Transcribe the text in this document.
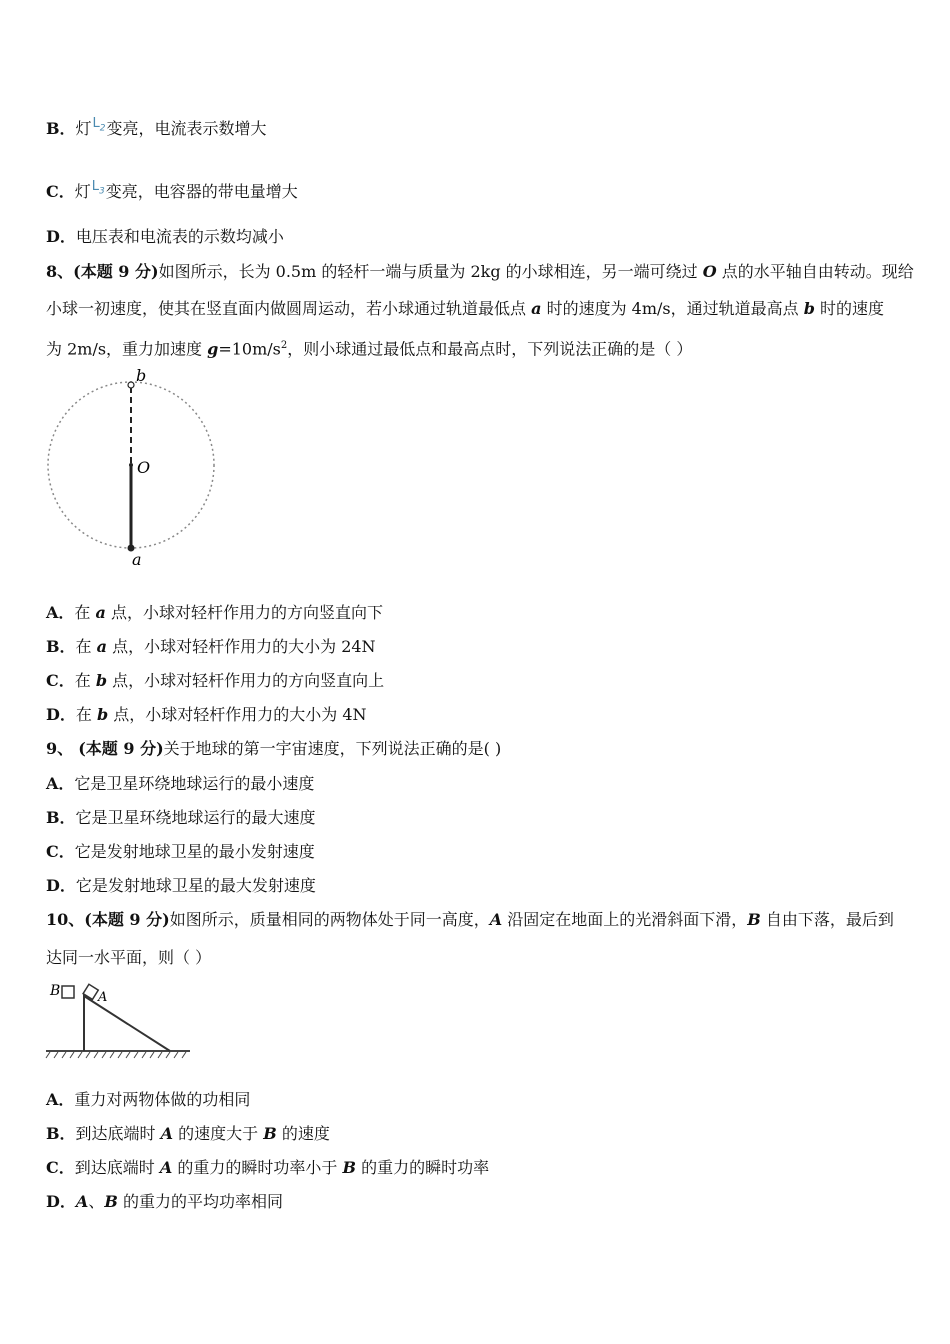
B．灯$L_2$变亮，电流表示数增大
C．灯$L_3$变亮，电容器的带电量增大
D．电压表和电流表的示数均减小
8、(本题 9 分)如图所示，长为 0.5m 的轻杆一端与质量为 2kg 的小球相连，另一端可绕过 O 点的水平轴自由转动。现给
小球一初速度，使其在竖直面内做圆周运动，若小球通过轨道最低点 a 时的速度为 4m/s，通过轨道最高点 b 时的速度
为 2m/s，重力加速度 $g=10m/s^2$，则小球通过最低点和最高点时，下列说法正确的是（ ）
b
O
a
A．在 a 点，小球对轻杆作用力的方向竖直向下
B．在 a 点，小球对轻杆作用力的大小为 24N
C．在 b 点，小球对轻杆作用力的方向竖直向上
D．在 b 点，小球对轻杆作用力的大小为 4N
9、 (本题 9 分)关于地球的第一宇宙速度，下列说法正确的是( )
A．它是卫星环绕地球运行的最小速度
B．它是卫星环绕地球运行的最大速度
C．它是发射地球卫星的最小发射速度
D．它是发射地球卫星的最大发射速度
10、(本题 9 分)如图所示，质量相同的两物体处于同一高度，A 沿固定在地面上的光滑斜面下滑，B 自由下落，最后到
达同一水平面，则（ ）
B	A
A．重力对两物体做的功相同
B．到达底端时 A 的速度大于 B 的速度
C．到达底端时 A 的重力的瞬时功率小于 B 的重力的瞬时功率
D．A、B 的重力的平均功率相同
